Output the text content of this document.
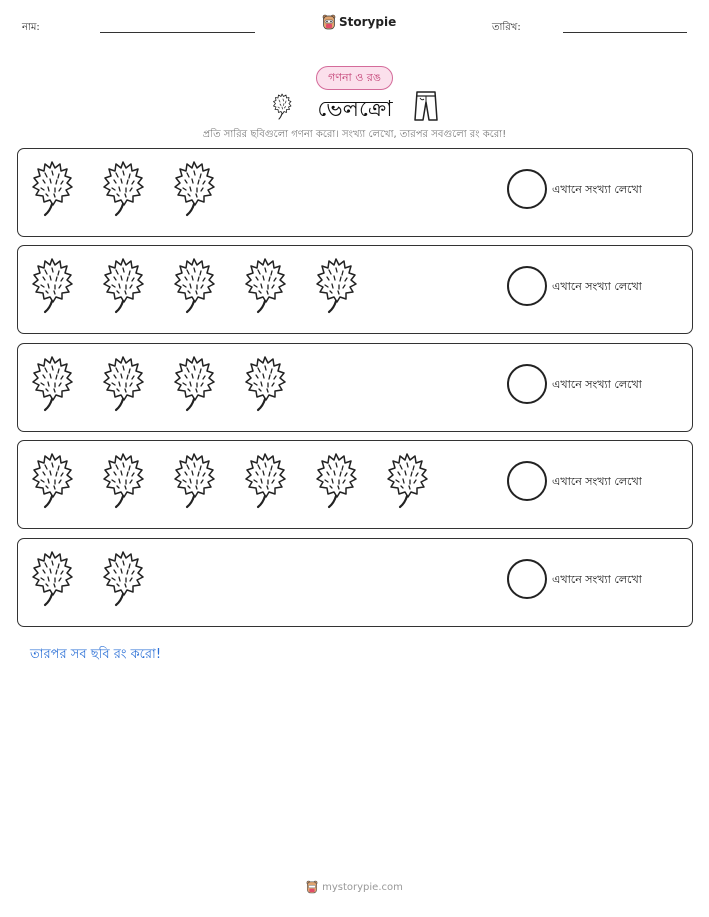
নাম:	Storypie	তারিখ:
গণনা ও রঙ
ভেলক্রো
প্রতি সারির ছবিগুলো গণনা করো। সংখ্যা লেখো, তারপর সবগুলো রং করো!
এখানে সংখ্যা লেখো
এখানে সংখ্যা লেখো
এখানে সংখ্যা লেখো
এখানে সংখ্যা লেখো
এখানে সংখ্যা লেখো
তারপর সব ছবি রং করো!
mystorypie.com
